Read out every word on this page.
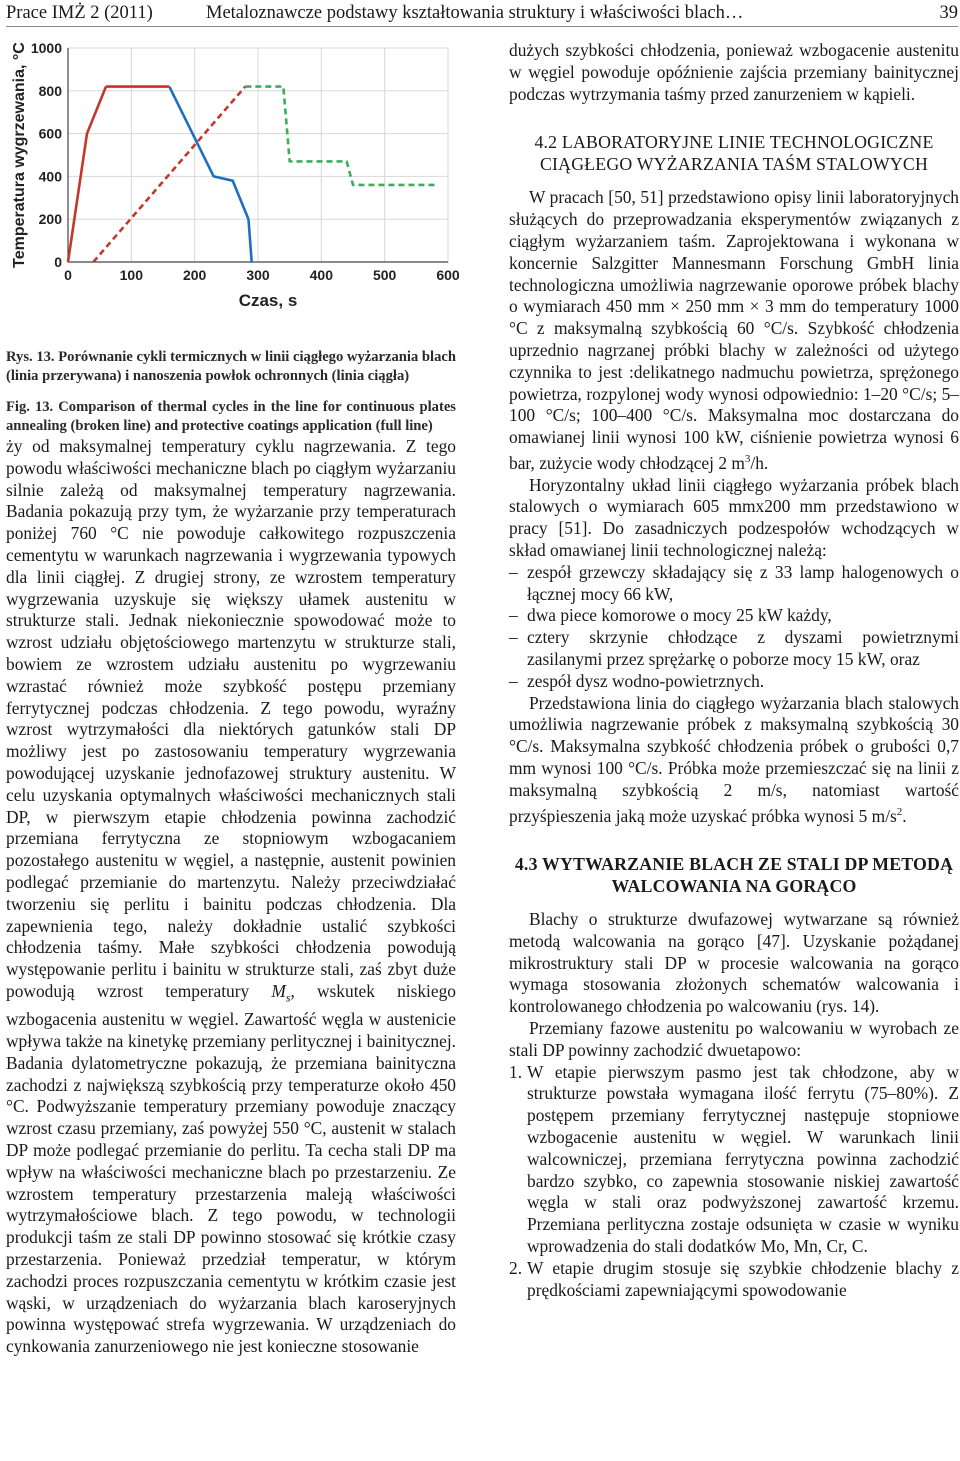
Prace IMŻ 2 (2011)	Metaloznawcze podstawy kształtowania struktury i właściwości blach…	39
0
200
400
600
800
1000
0	100	200	300	400	500	600
Czas, s
Temperatura wygrzewania, °C

Rys. 13. Porównanie cykli termicznych w linii ciągłego wyżarzania blach (linia przerywana) i nanoszenia powłok ochronnych (linia ciągła)

Fig. 13. Comparison of thermal cycles in the line for continuous plates annealing (broken line) and protective coatings application (full line)

ży od maksymalnej temperatury cyklu nagrzewania. Z tego powodu właściwości mechaniczne blach po ciągłym wyżarzaniu silnie zależą od maksymalnej temperatury nagrzewania. Badania pokazują przy tym, że wyżarzanie przy temperaturach poniżej 760 °C nie powoduje całkowitego rozpuszczenia cementytu w warunkach nagrzewania i wygrzewania typowych dla linii ciągłej. Z drugiej strony, ze wzrostem temperatury wygrzewania uzyskuje się większy ułamek austenitu w strukturze stali. Jednak niekoniecznie spowodować może to wzrost udziału objętościowego martenzytu w strukturze stali, bowiem ze wzrostem udziału austenitu po wygrzewaniu wzrastać również może szybkość postępu przemiany ferrytycznej podczas chłodzenia. Z tego powodu, wyraźny wzrost wytrzymałości dla niektórych gatunków stali DP możliwy jest po zastosowaniu temperatury wygrzewania powodującej uzyskanie jednofazowej struktury austenitu. W celu uzyskania optymalnych właściwości mechanicznych stali DP, w pierwszym etapie chłodzenia powinna zachodzić przemiana ferrytyczna ze stopniowym wzbogacaniem pozostałego austenitu w węgiel, a następnie, austenit powinien podlegać przemianie do martenzytu. Należy przeciwdziałać tworzeniu się perlitu i bainitu podczas chłodzenia. Dla zapewnienia tego, należy dokładnie ustalić szybkości chłodzenia taśmy. Małe szybkości chłodzenia powodują występowanie perlitu i bainitu w strukturze stali, zaś zbyt duże powodują wzrost temperatury $M_s$, wskutek niskiego wzbogacenia austenitu w węgiel. Zawartość węgla w austenicie wpływa także na kinetykę przemiany perlitycznej i bainitycznej. Badania dylatometryczne pokazują, że przemiana bainityczna zachodzi z największą szybkością przy temperaturze około 450 °C. Podwyższanie temperatury przemiany powoduje znaczący wzrost czasu przemiany, zaś powyżej 550 °C, austenit w stalach DP może podlegać przemianie do perlitu. Ta cecha stali DP ma wpływ na właściwości mechaniczne blach po przestarzeniu. Ze wzrostem temperatury przestarzenia maleją właściwości wytrzymałościowe blach. Z tego powodu, w technologii produkcji taśm ze stali DP powinno stosować się krótkie czasy przestarzenia. Ponieważ przedział temperatur, w którym zachodzi proces rozpuszczania cementytu w krótkim czasie jest wąski, w urządzeniach do wyżarzania blach karoseryjnych powinna występować strefa wygrzewania. W urządzeniach do cynkowania zanurzeniowego nie jest konieczne stosowanie

dużych szybkości chłodzenia, ponieważ wzbogacenie austenitu w węgiel powoduje opóźnienie zajścia przemiany bainitycznej podczas wytrzymania taśmy przed zanurzeniem w kąpieli.

4.2 LABORATORYJNE LINIE TECHNOLOGICZNE CIĄGŁEGO WYŻARZANIA TAŚM STALOWYCH

W pracach [50, 51] przedstawiono opisy linii laboratoryjnych służących do przeprowadzania eksperymentów związanych z ciągłym wyżarzaniem taśm. Zaprojektowana i wykonana w koncernie Salzgitter Mannesmann Forschung GmbH linia technologiczna umożliwia nagrzewanie oporowe próbek blachy o wymiarach 450 mm × 250 mm × 3 mm do temperatury 1000 °C z maksymalną szybkością 60 °C/s. Szybkość chłodzenia uprzednio nagrzanej próbki blachy w zależności od użytego czynnika to jest :delikatnego nadmuchu powietrza, sprężonego powietrza, rozpylonej wody wynosi odpowiednio: 1–20 °C/s; 5–100 °C/s; 100–400 °C/s. Maksymalna moc dostarczana do omawianej linii wynosi 100 kW, ciśnienie powietrza wynosi 6 bar, zużycie wody chłodzącej 2 $m^3/h$.

Horyzontalny układ linii ciągłego wyżarzania próbek blach stalowych o wymiarach 605 mmx200 mm przedstawiono w pracy [51]. Do zasadniczych podzespołów wchodzących w skład omawianej linii technologicznej należą:

– zespół grzewczy składający się z 33 lamp halogenowych o łącznej mocy 66 kW,
– dwa piece komorowe o mocy 25 kW każdy,
– cztery skrzynie chłodzące z dyszami powietrznymi zasilanymi przez sprężarkę o poborze mocy 15 kW, oraz
– zespół dysz wodno-powietrznych.

Przedstawiona linia do ciągłego wyżarzania blach stalowych umożliwia nagrzewanie próbek z maksymalną szybkością 30 °C/s. Maksymalna szybkość chłodzenia próbek o grubości 0,7 mm wynosi 100 °C/s. Próbka może przemieszczać się na linii z maksymalną szybkością 2 m/s, natomiast wartość przyśpieszenia jaką może uzyskać próbka wynosi 5 $m/s^2$.

4.3 WYTWARZANIE BLACH ZE STALI DP METODĄ WALCOWANIA NA GORĄCO

Blachy o strukturze dwufazowej wytwarzane są również metodą walcowania na gorąco [47]. Uzyskanie pożądanej mikrostruktury stali DP w procesie walcowania na gorąco wymaga stosowania złożonych schematów walcowania i kontrolowanego chłodzenia po walcowaniu (rys. 14).

Przemiany fazowe austenitu po walcowaniu w wyrobach ze stali DP powinny zachodzić dwuetapowo:

1. W etapie pierwszym pasmo jest tak chłodzone, aby w strukturze powstała wymagana ilość ferrytu (75–80%). Z postępem przemiany ferrytycznej następuje stopniowe wzbogacenie austenitu w węgiel. W warunkach linii walcowniczej, przemiana ferrytyczna powinna zachodzić bardzo szybko, co zapewnia stosowanie niskiej zawartość węgla w stali oraz podwyższonej zawartość krzemu. Przemiana perlityczna zostaje odsunięta w czasie w wyniku wprowadzenia do stali dodatków Mo, Mn, Cr, C.
2. W etapie drugim stosuje się szybkie chłodzenie blachy z prędkościami zapewniającymi spowodowanie
